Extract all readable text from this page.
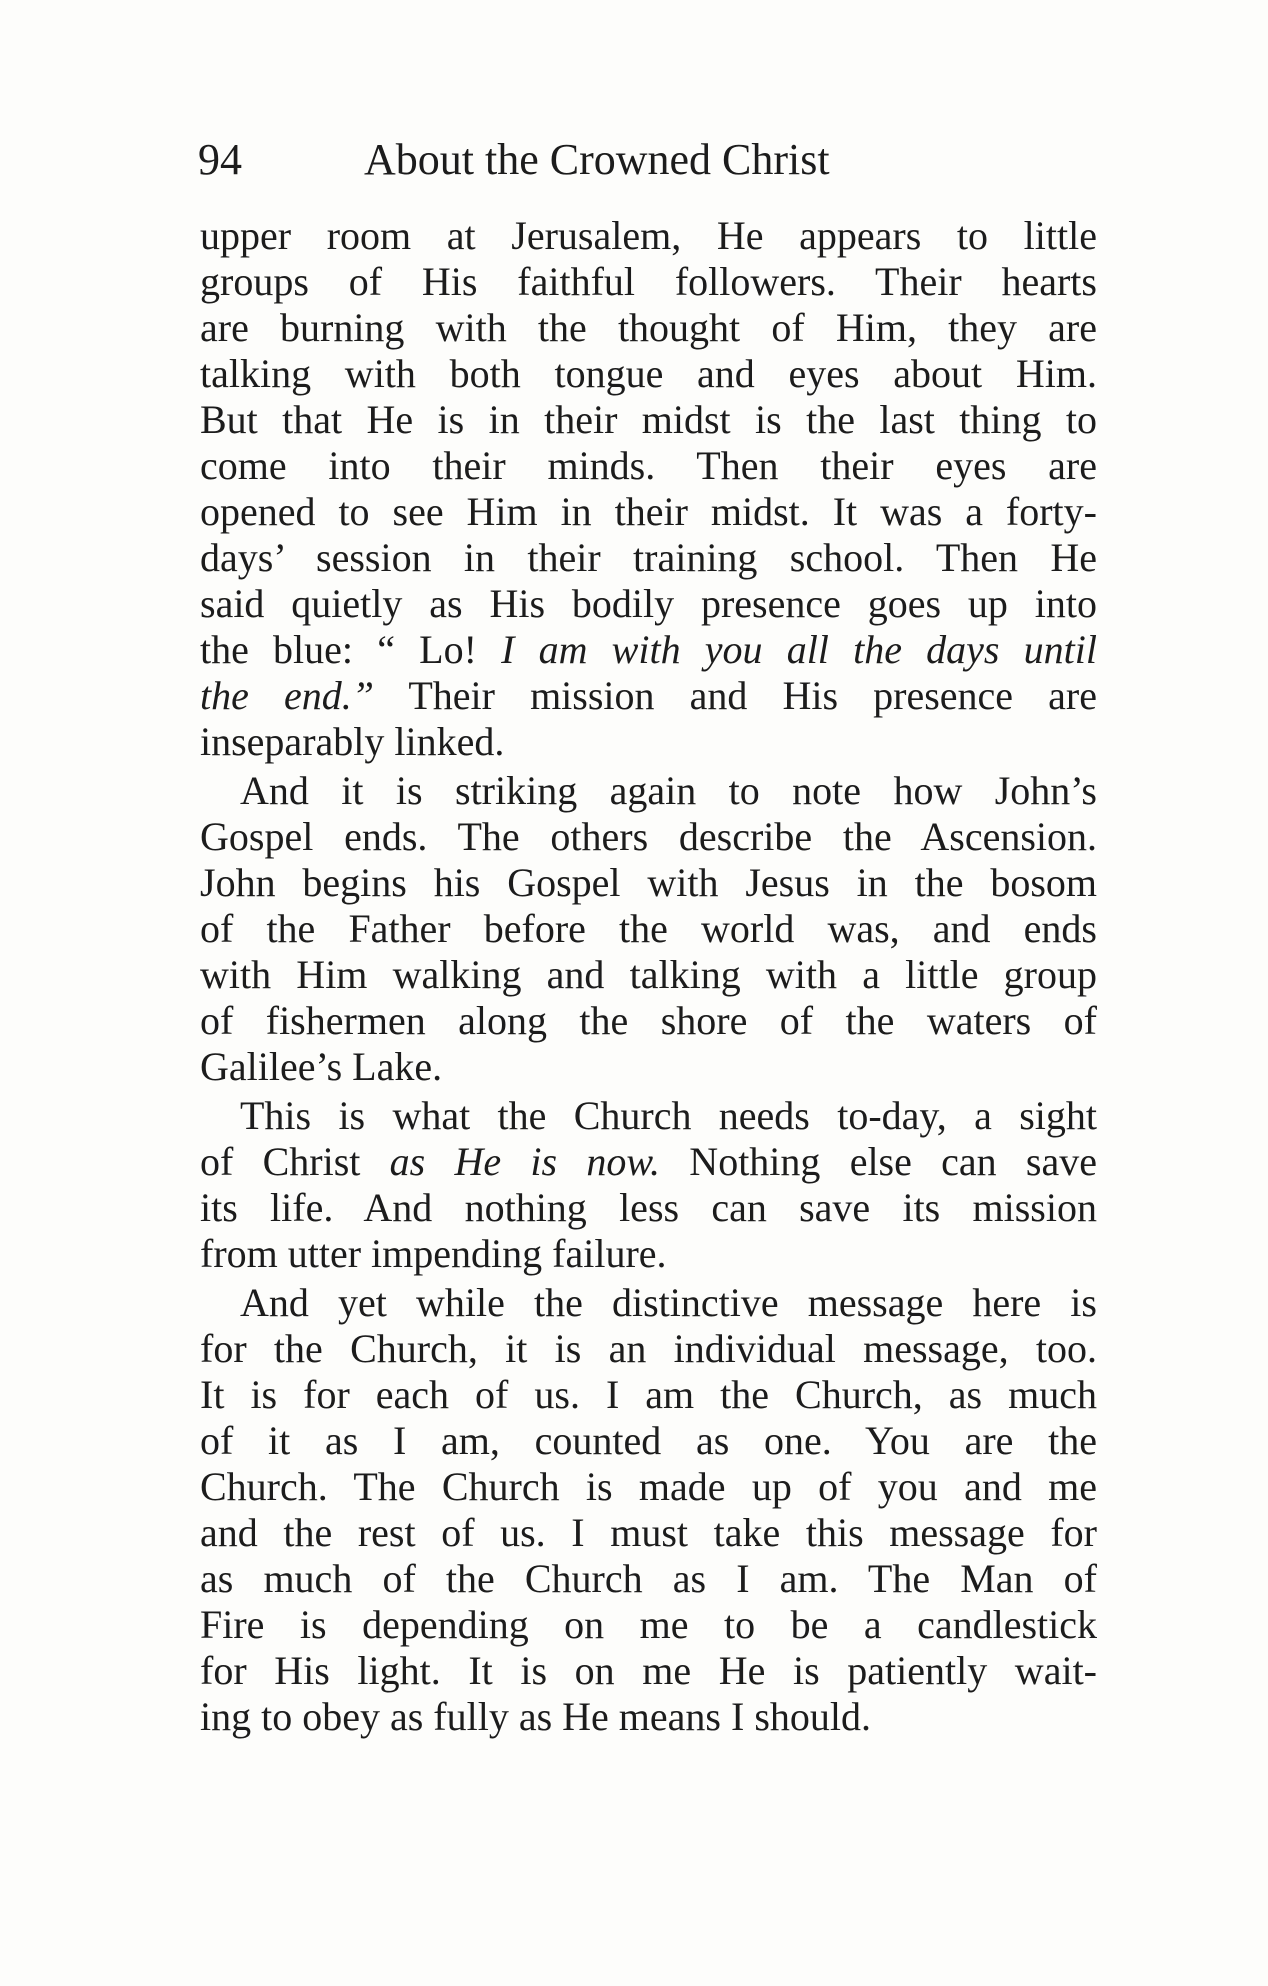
94	About the Crowned Christ
upper room at Jerusalem, He appears to little
groups of His faithful followers. Their hearts
are burning with the thought of Him, they are
talking with both tongue and eyes about Him.
But that He is in their midst is the last thing to
come into their minds. Then their eyes are
opened to see Him in their midst. It was a forty-
days’ session in their training school. Then He
said quietly as His bodily presence goes up into
the blue: “ Lo! I am with you all the days until
the end.” Their mission and His presence are
inseparably linked.
And it is striking again to note how John’s
Gospel ends. The others describe the Ascension.
John begins his Gospel with Jesus in the bosom
of the Father before the world was, and ends
with Him walking and talking with a little group
of fishermen along the shore of the waters of
Galilee’s Lake.
This is what the Church needs to-day, a sight
of Christ as He is now. Nothing else can save
its life. And nothing less can save its mission
from utter impending failure.
And yet while the distinctive message here is
for the Church, it is an individual message, too.
It is for each of us. I am the Church, as much
of it as I am, counted as one. You are the
Church. The Church is made up of you and me
and the rest of us. I must take this message for
as much of the Church as I am. The Man of
Fire is depending on me to be a candlestick
for His light. It is on me He is patiently wait-
ing to obey as fully as He means I should.
